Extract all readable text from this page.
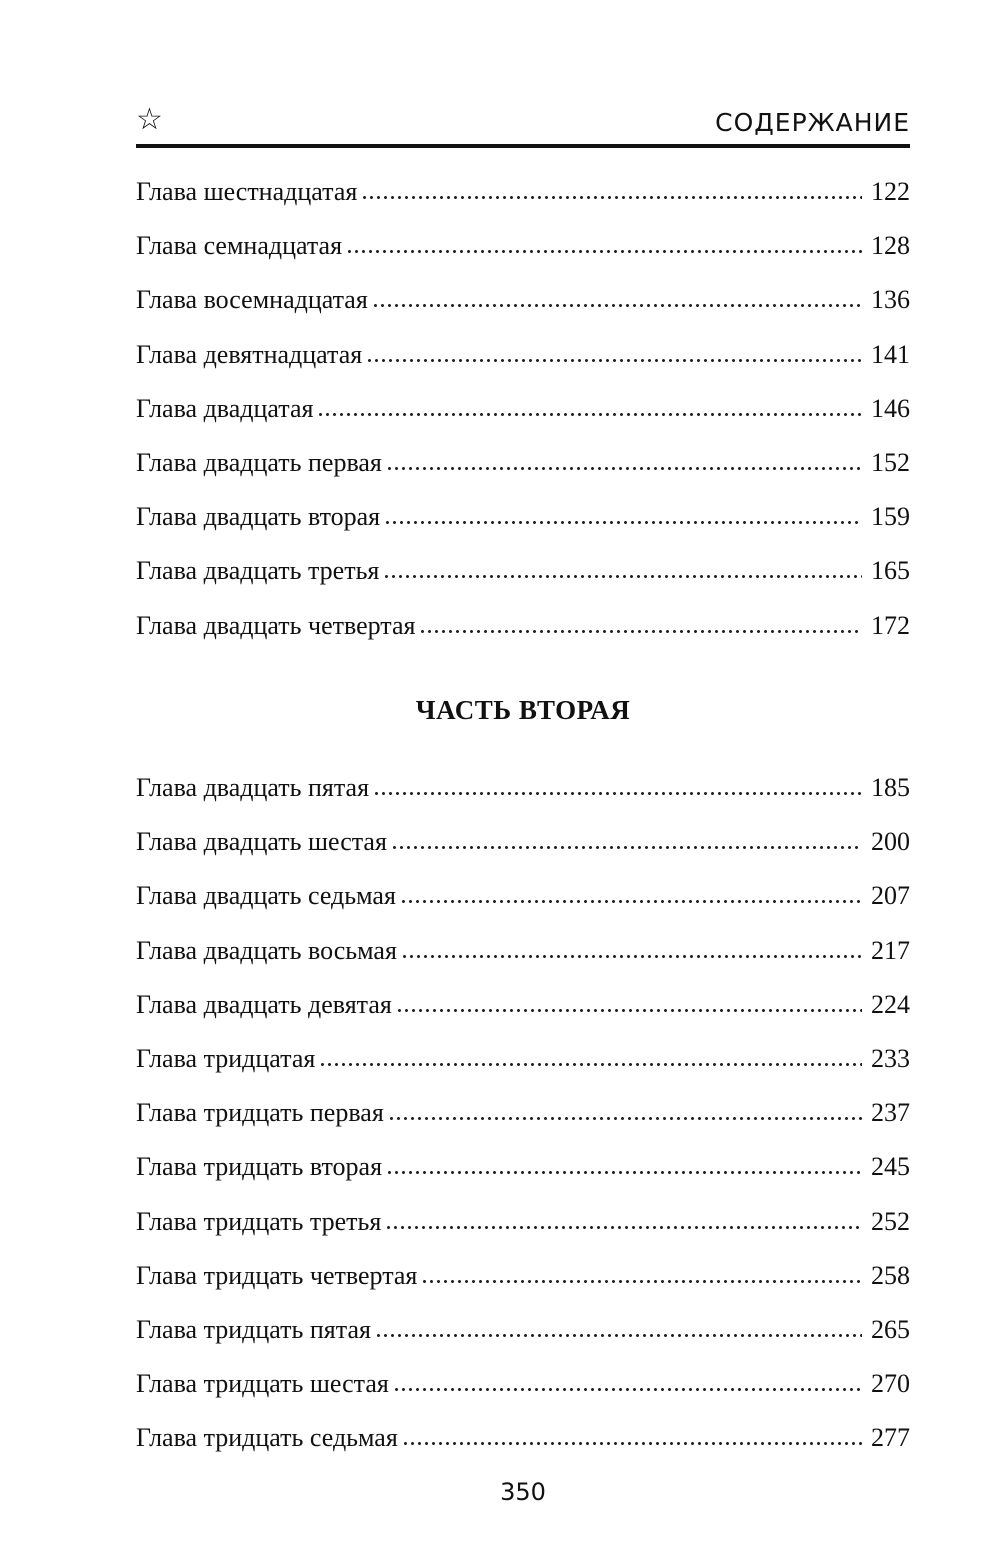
☆	СОДЕРЖАНИЕ
Глава шестнадцатая	122
Глава семнадцатая	128
Глава восемнадцатая	136
Глава девятнадцатая	141
Глава двадцатая	146
Глава двадцать первая	152
Глава двадцать вторая	159
Глава двадцать третья	165
Глава двадцать четвертая	172
ЧАСТЬ ВТОРАЯ
Глава двадцать пятая	185
Глава двадцать шестая	200
Глава двадцать седьмая	207
Глава двадцать восьмая	217
Глава двадцать девятая	224
Глава тридцатая	233
Глава тридцать первая	237
Глава тридцать вторая	245
Глава тридцать третья	252
Глава тридцать четвертая	258
Глава тридцать пятая	265
Глава тридцать шестая	270
Глава тридцать седьмая	277
350
